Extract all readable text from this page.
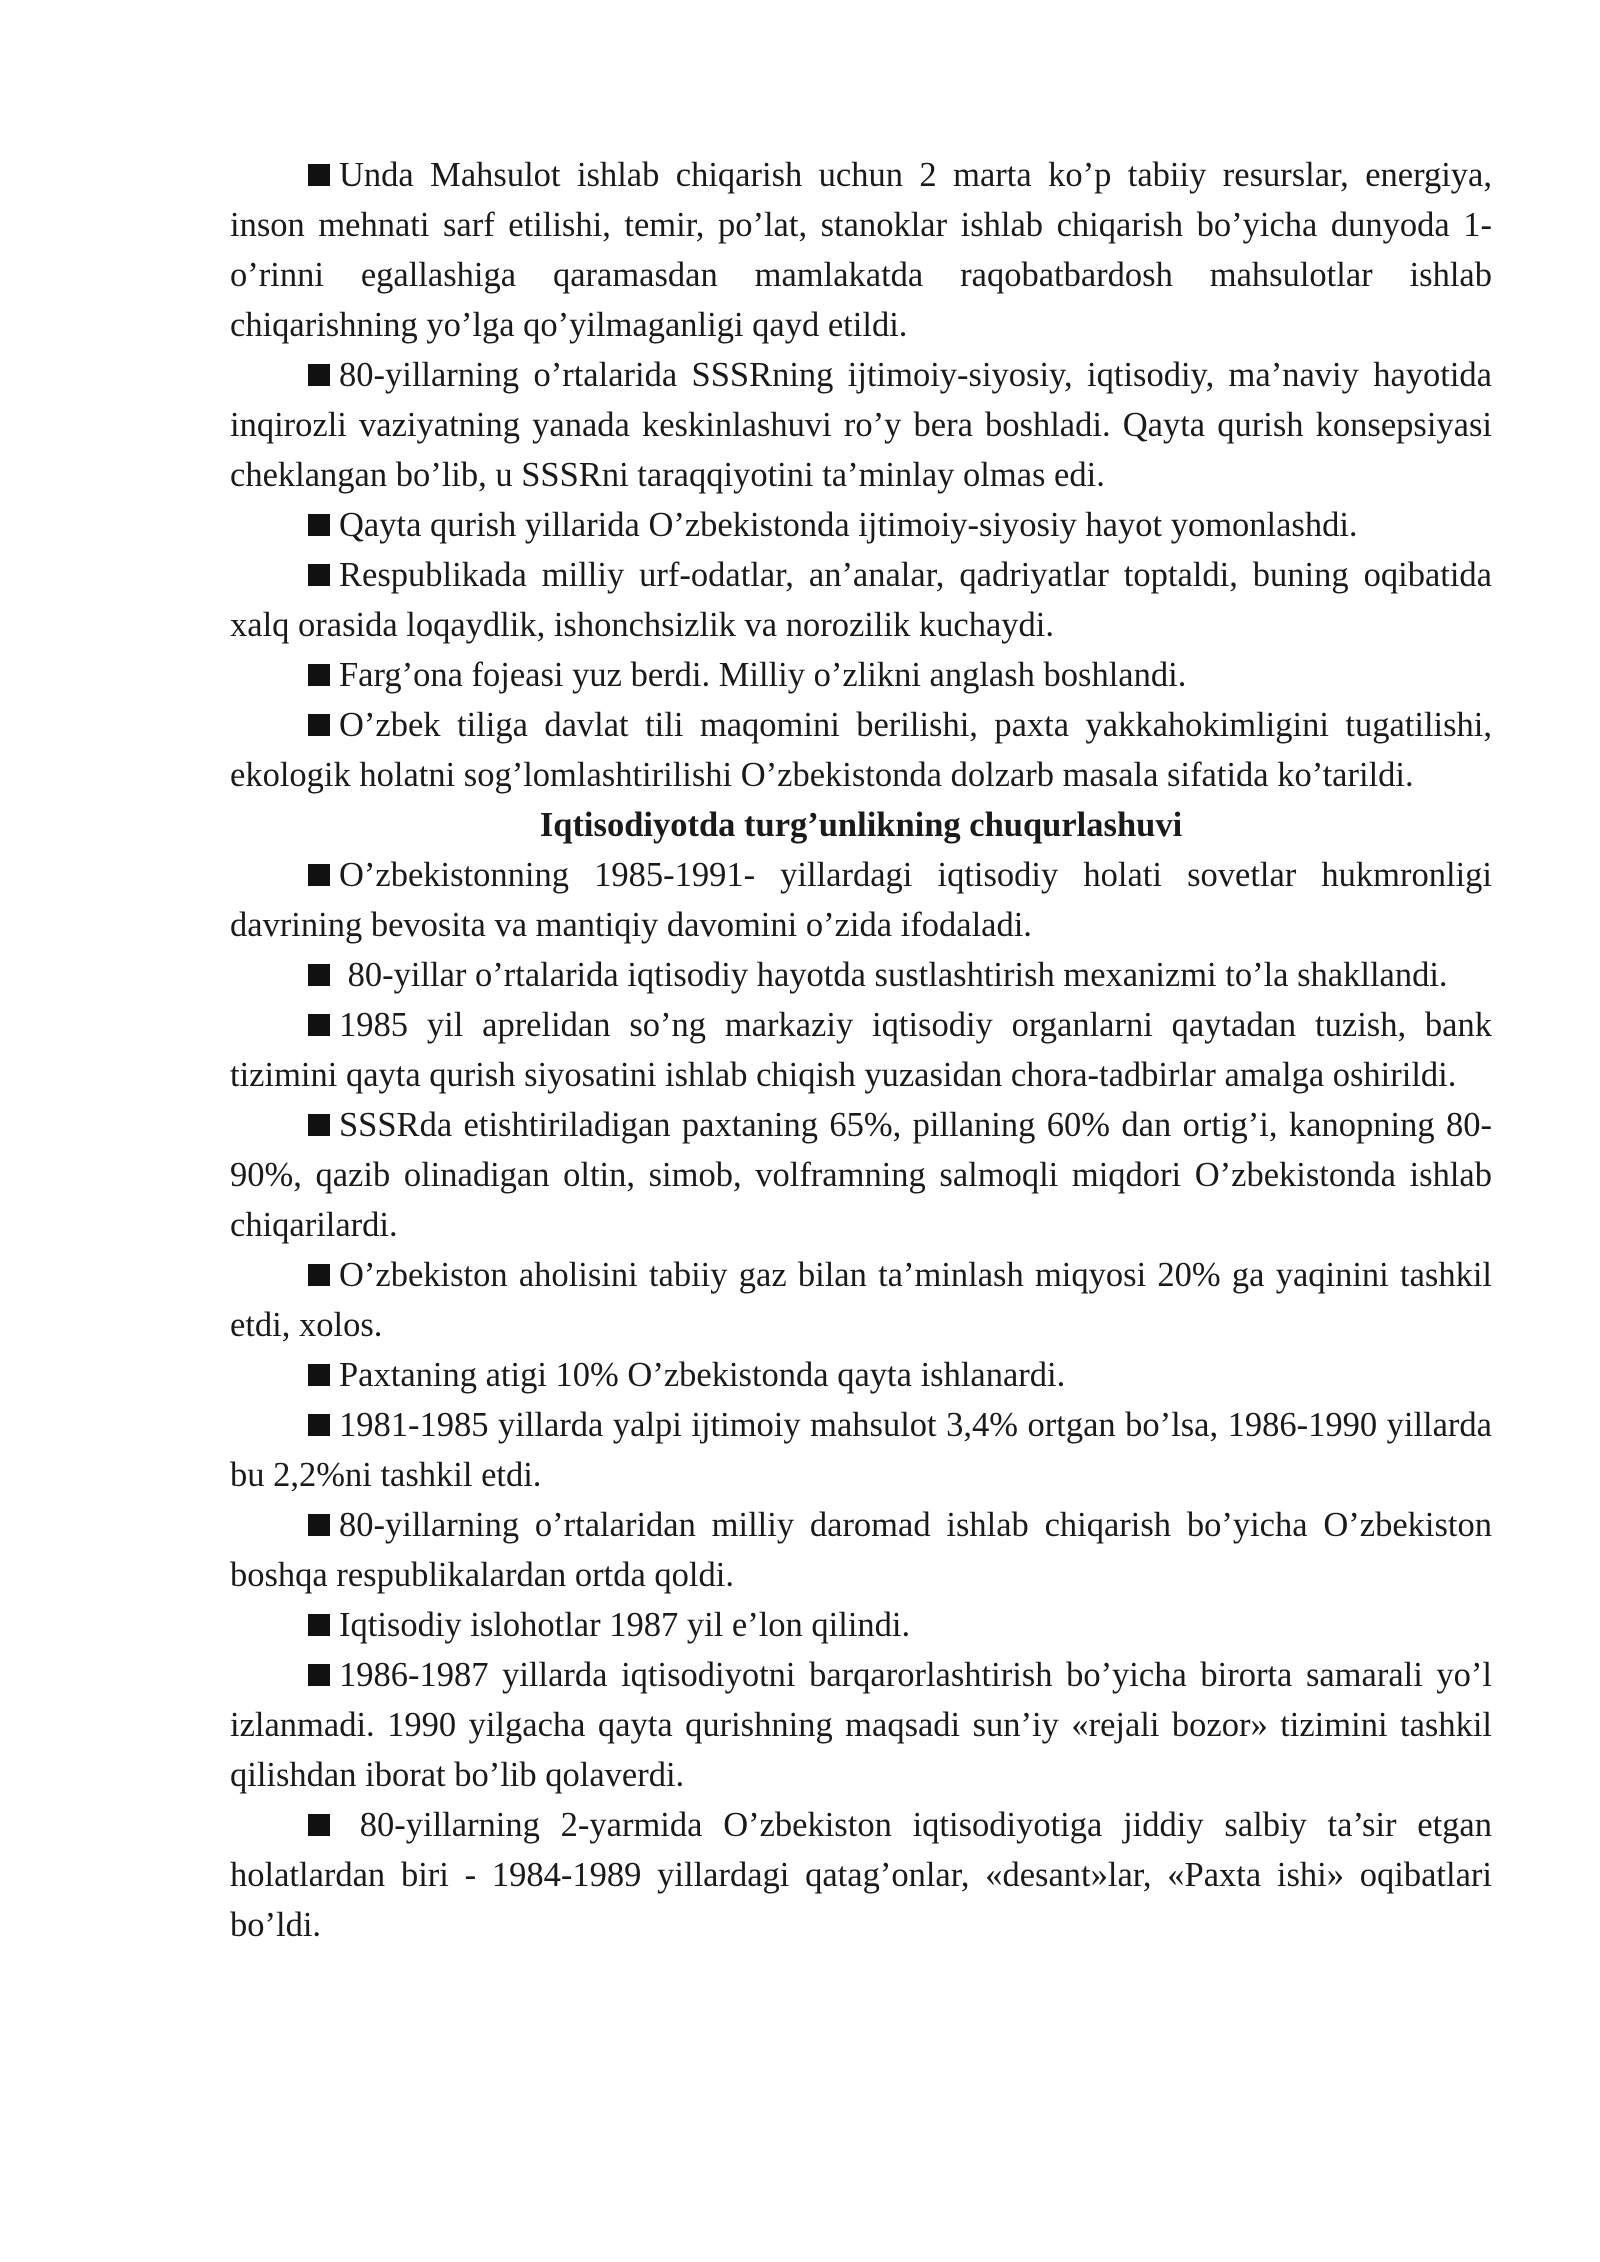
Unda Mahsulot ishlab chiqarish uchun 2 marta ko’p tabiiy resurslar, energiya, inson mehnati sarf etilishi, temir, po’lat, stanoklar ishlab chiqarish bo’yicha dunyoda 1-o’rinni egallashiga qaramasdan mamlakatda raqobatbardosh mahsulotlar ishlab chiqarishning yo’lga qo’yilmaganligi qayd etildi.

80-yillarning o’rtalarida SSSRning ijtimoiy-siyosiy, iqtisodiy, ma’naviy hayotida inqirozli vaziyatning yanada keskinlashuvi ro’y bera boshladi. Qayta qurish konsepsiyasi cheklangan bo’lib, u SSSRni taraqqiyotini ta’minlay olmas edi.

Qayta qurish yillarida O’zbekistonda ijtimoiy-siyosiy hayot yomonlashdi.

Respublikada milliy urf-odatlar, an’analar, qadriyatlar toptaldi, buning oqibatida xalq orasida loqaydlik, ishonchsizlik va norozilik kuchaydi.

Farg’ona fojeasi yuz berdi. Milliy o’zlikni anglash boshlandi.

O’zbek tiliga davlat tili maqomini berilishi, paxta yakkahokimligini tugatilishi, ekologik holatni sog’lomlashtirilishi O’zbekistonda dolzarb masala sifatida ko’tarildi.

Iqtisodiyotda turg’unlikning chuqurlashuvi

O’zbekistonning 1985-1991- yillardagi iqtisodiy holati sovetlar hukmronligi davrining bevosita va mantiqiy davomini o’zida ifodaladi.

80-yillar o’rtalarida iqtisodiy hayotda sustlashtirish mexanizmi to’la shakllandi.

1985 yil aprelidan so’ng markaziy iqtisodiy organlarni qaytadan tuzish, bank tizimini qayta qurish siyosatini ishlab chiqish yuzasidan chora-tadbirlar amalga oshirildi.

SSSRda etishtiriladigan paxtaning 65%, pillaning 60% dan ortig’i, kanopning 80-90%, qazib olinadigan oltin, simob, volframning salmoqli miqdori O’zbekistonda ishlab chiqarilardi.

O’zbekiston aholisini tabiiy gaz bilan ta’minlash miqyosi 20% ga yaqinini tashkil etdi, xolos.

Paxtaning atigi 10% O’zbekistonda qayta ishlanardi.

1981-1985 yillarda yalpi ijtimoiy mahsulot 3,4% ortgan bo’lsa, 1986-1990 yillarda bu 2,2%ni tashkil etdi.

80-yillarning o’rtalaridan milliy daromad ishlab chiqarish bo’yicha O’zbekiston boshqa respublikalardan ortda qoldi.

Iqtisodiy islohotlar 1987 yil e’lon qilindi.

1986-1987 yillarda iqtisodiyotni barqarorlashtirish bo’yicha birorta samarali yo’l izlanmadi. 1990 yilgacha qayta qurishning maqsadi sun’iy «rejali bozor» tizimini tashkil qilishdan iborat bo’lib qolaverdi.

80-yillarning 2-yarmida O’zbekiston iqtisodiyotiga jiddiy salbiy ta’sir etgan holatlardan biri - 1984-1989 yillardagi qatag’onlar, «desant»lar, «Paxta ishi» oqibatlari bo’ldi.
